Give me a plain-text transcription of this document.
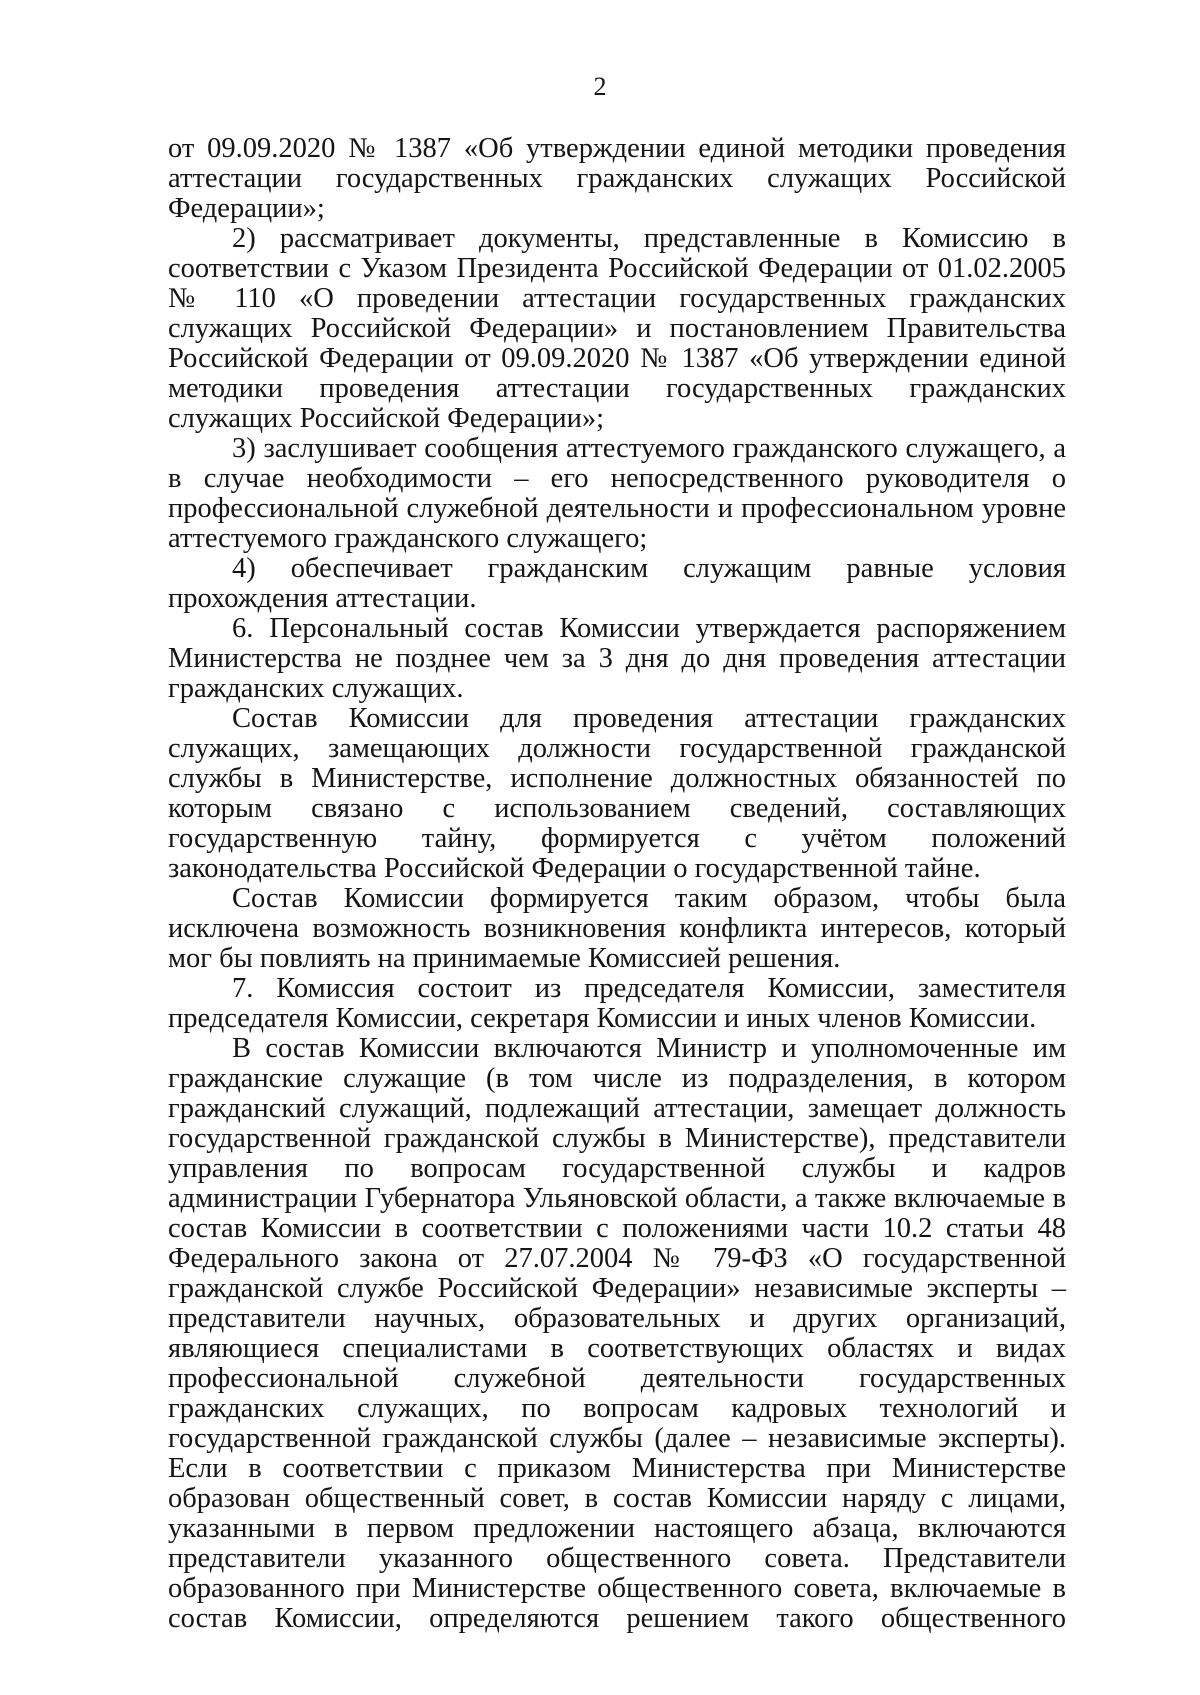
2

от 09.09.2020 № 1387 «Об утверждении единой методики проведения аттестации государственных гражданских служащих Российской Федерации»;

2) рассматривает документы, представленные в Комиссию в соответствии с Указом Президента Российской Федерации от 01.02.2005 № 110 «О проведении аттестации государственных гражданских служащих Российской Федерации» и постановлением Правительства Российской Федерации от 09.09.2020 № 1387 «Об утверждении единой методики проведения аттестации государственных гражданских служащих Российской Федерации»;

3) заслушивает сообщения аттестуемого гражданского служащего, а в случае необходимости – его непосредственного руководителя о профессиональной служебной деятельности и профессиональном уровне аттестуемого гражданского служащего;

4) обеспечивает гражданским служащим равные условия прохождения аттестации.

6. Персональный состав Комиссии утверждается распоряжением Министерства не позднее чем за 3 дня до дня проведения аттестации гражданских служащих.

Состав Комиссии для проведения аттестации гражданских служащих, замещающих должности государственной гражданской службы в Министерстве, исполнение должностных обязанностей по которым связано с использованием сведений, составляющих государственную тайну, формируется с учётом положений законодательства Российской Федерации о государственной тайне.

Состав Комиссии формируется таким образом, чтобы была исключена возможность возникновения конфликта интересов, который мог бы повлиять на принимаемые Комиссией решения.

7. Комиссия состоит из председателя Комиссии, заместителя председателя Комиссии, секретаря Комиссии и иных членов Комиссии.

В состав Комиссии включаются Министр и уполномоченные им гражданские служащие (в том числе из подразделения, в котором гражданский служащий, подлежащий аттестации, замещает должность государственной гражданской службы в Министерстве), представители управления по вопросам государственной службы и кадров администрации Губернатора Ульяновской области, а также включаемые в состав Комиссии в соответствии с положениями части 10.2 статьи 48 Федерального закона от 27.07.2004 № 79-ФЗ «О государственной гражданской службе Российской Федерации» независимые эксперты – представители научных, образовательных и других организаций, являющиеся специалистами в соответствующих областях и видах профессиональной служебной деятельности государственных гражданских служащих, по вопросам кадровых технологий и государственной гражданской службы (далее – независимые эксперты). Если в соответствии с приказом Министерства при Министерстве образован общественный совет, в состав Комиссии наряду с лицами, указанными в первом предложении настоящего абзаца, включаются представители указанного общественного совета. Представители образованного при Министерстве общественного совета, включаемые в состав Комиссии, определяются решением такого общественного
